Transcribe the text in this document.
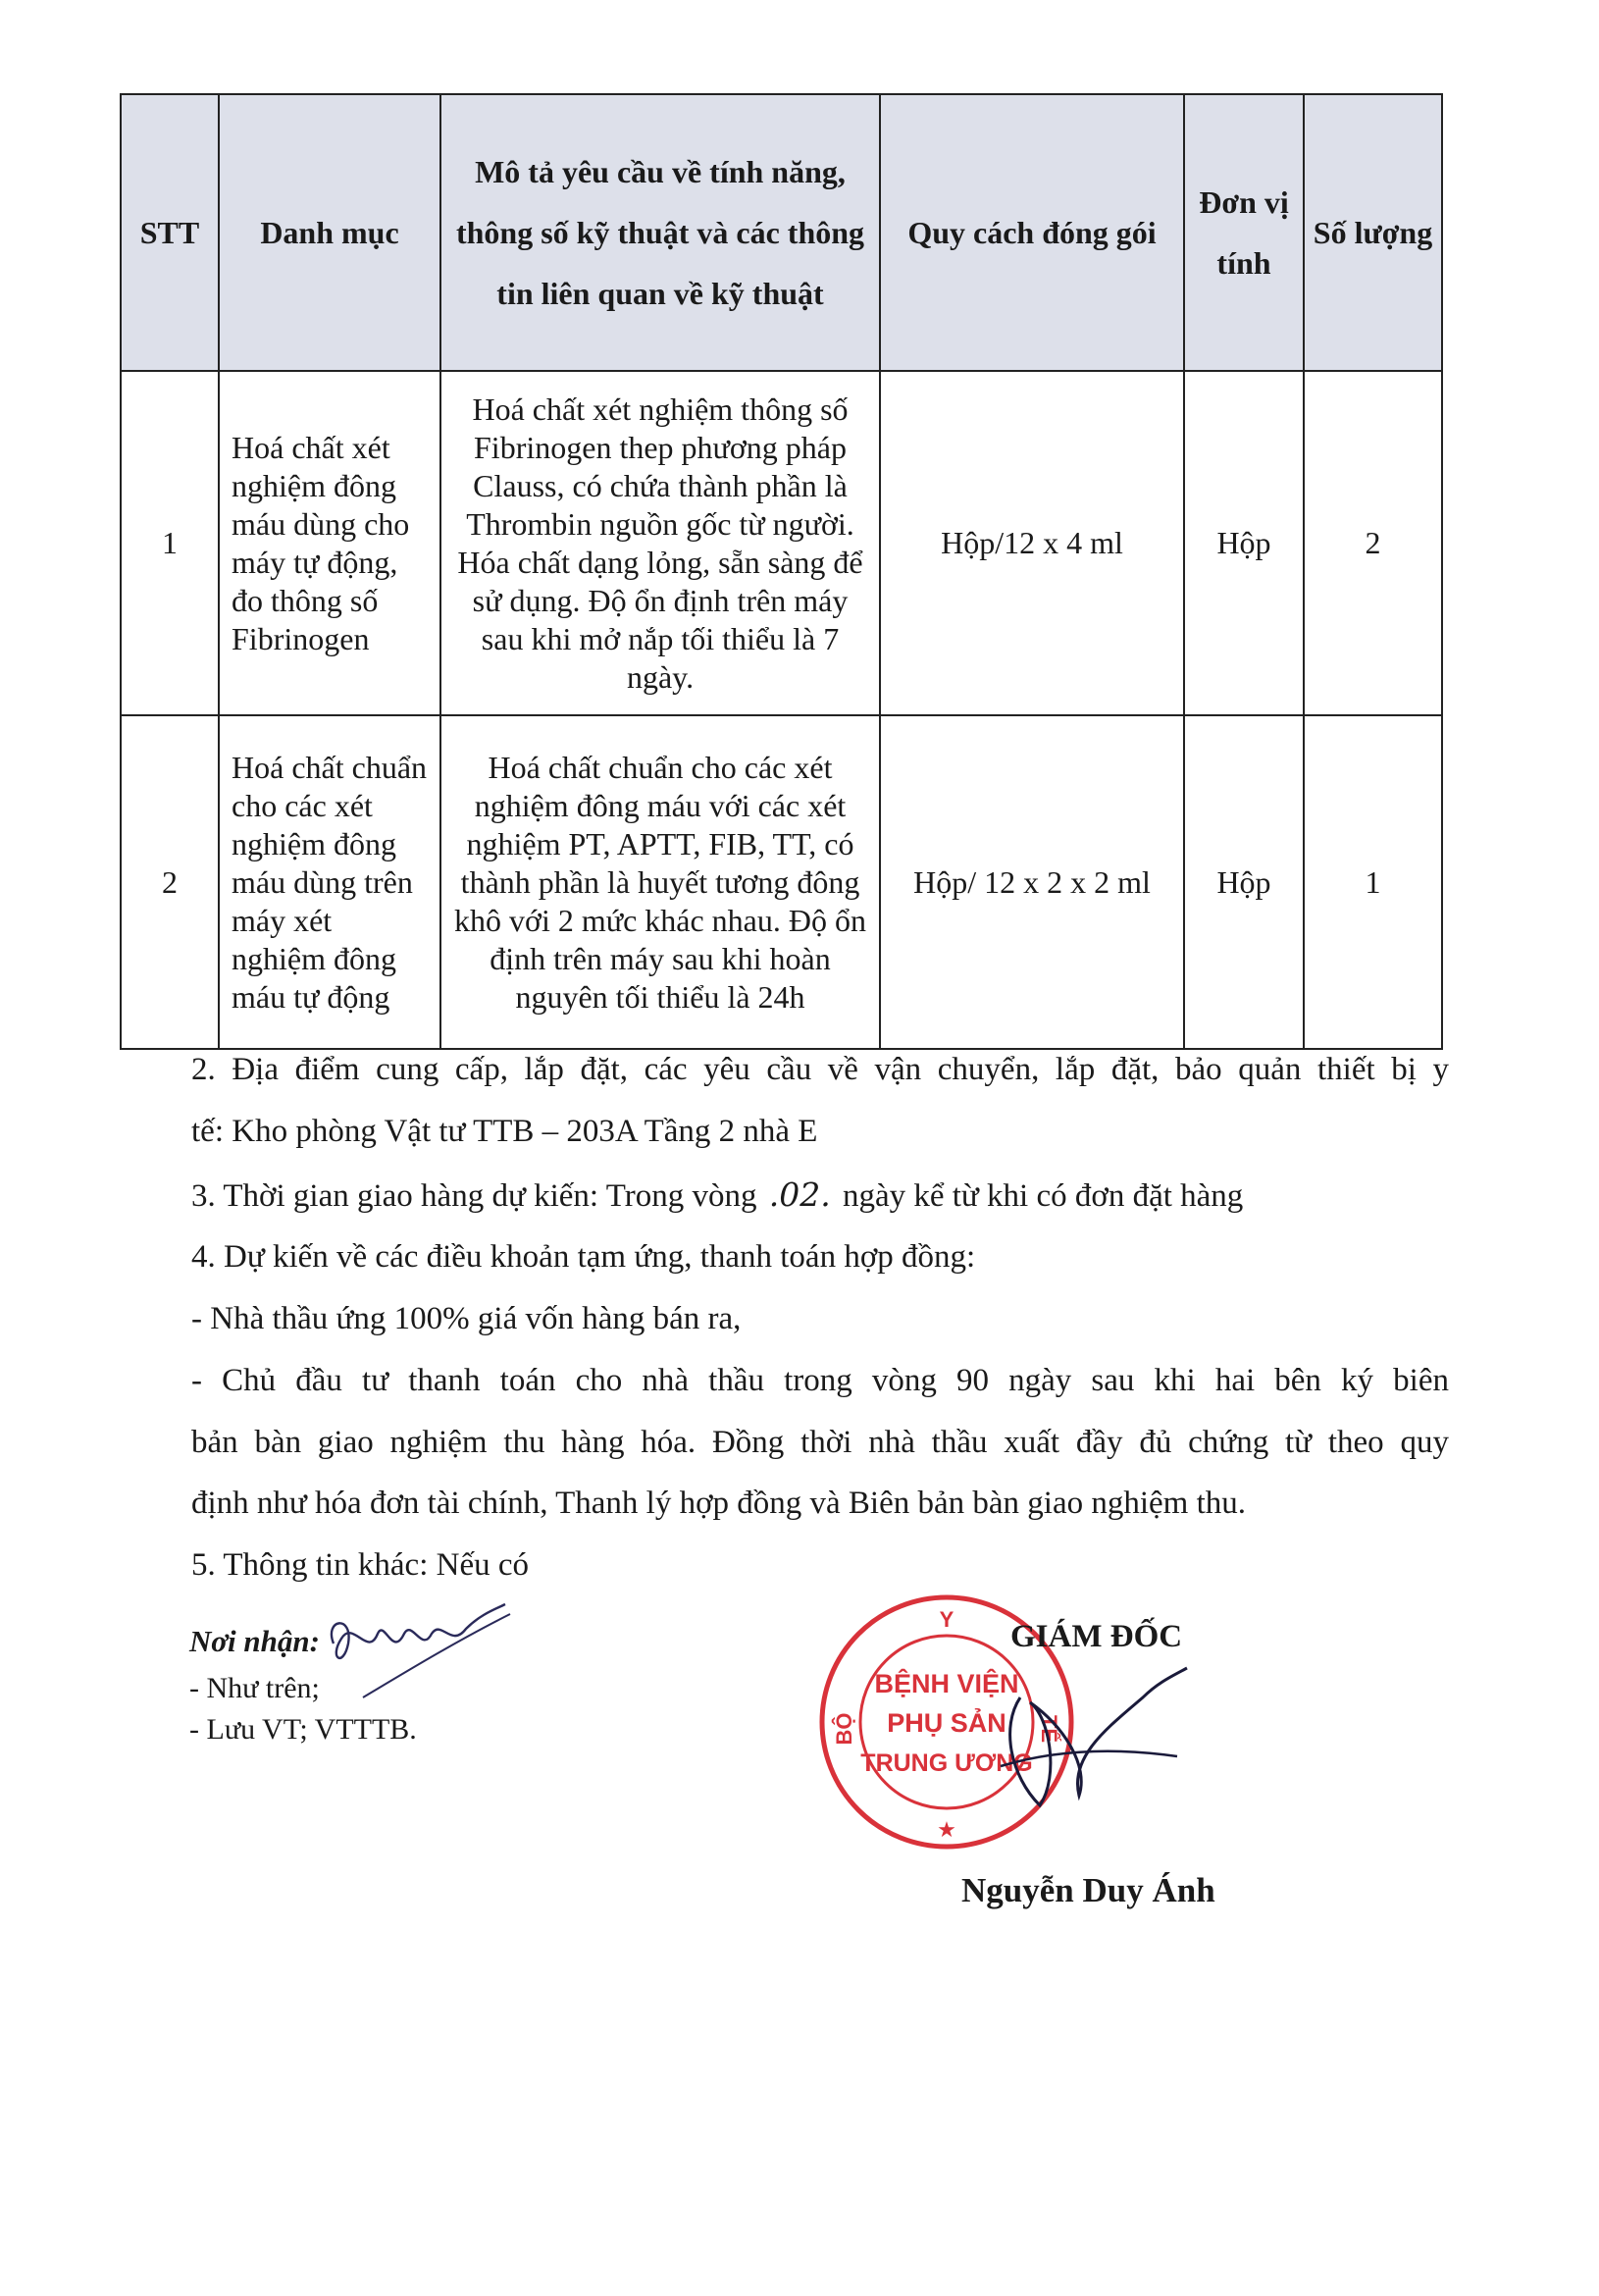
STT	Danh mục	Mô tả yêu cầu về tính năng, thông số kỹ thuật và các thông tin liên quan về kỹ thuật	Quy cách đóng gói	Đơn vị tính	Số lượng
1	Hoá chất xét nghiệm đông máu dùng cho máy tự động, đo thông số Fibrinogen	Hoá chất xét nghiệm thông số Fibrinogen thep phương pháp Clauss, có chứa thành phần là Thrombin nguồn gốc từ người. Hóa chất dạng lỏng, sẵn sàng để sử dụng. Độ ổn định trên máy sau khi mở nắp tối thiểu là 7 ngày.	Hộp/12 x 4 ml	Hộp	2
2	Hoá chất chuẩn cho các xét nghiệm đông máu dùng trên máy xét nghiệm đông máu tự động	Hoá chất chuẩn cho các xét nghiệm đông máu với các xét nghiệm PT, APTT, FIB, TT, có thành phần là huyết tương đông khô với 2 mức khác nhau. Độ ổn định trên máy sau khi hoàn nguyên tối thiểu là 24h	Hộp/ 12 x 2 x 2 ml	Hộp	1
2. Địa điểm cung cấp, lắp đặt, các yêu cầu về vận chuyển, lắp đặt, bảo quản thiết bị y
tế: Kho phòng Vật tư TTB – 203A Tầng 2 nhà E
3. Thời gian giao hàng dự kiến: Trong vòng .02. ngày kể từ khi có đơn đặt hàng
4. Dự kiến về các điều khoản tạm ứng, thanh toán hợp đồng:
- Nhà thầu ứng 100% giá vốn hàng bán ra,
- Chủ đầu tư thanh toán cho nhà thầu trong vòng 90 ngày sau khi hai bên ký biên
bản bàn giao nghiệm thu hàng hóa. Đồng thời nhà thầu xuất đầy đủ chứng từ theo quy
định như hóa đơn tài chính, Thanh lý hợp đồng và Biên bản bàn giao nghiệm thu.
5. Thông tin khác: Nếu có
Nơi nhận:
- Như trên;
- Lưu VT; VTTTB.
Y
BỘ	TẾ
★
BỆNH VIỆN
PHỤ SẢN
TRUNG ƯƠNG
GIÁM ĐỐC
Nguyễn Duy Ánh
